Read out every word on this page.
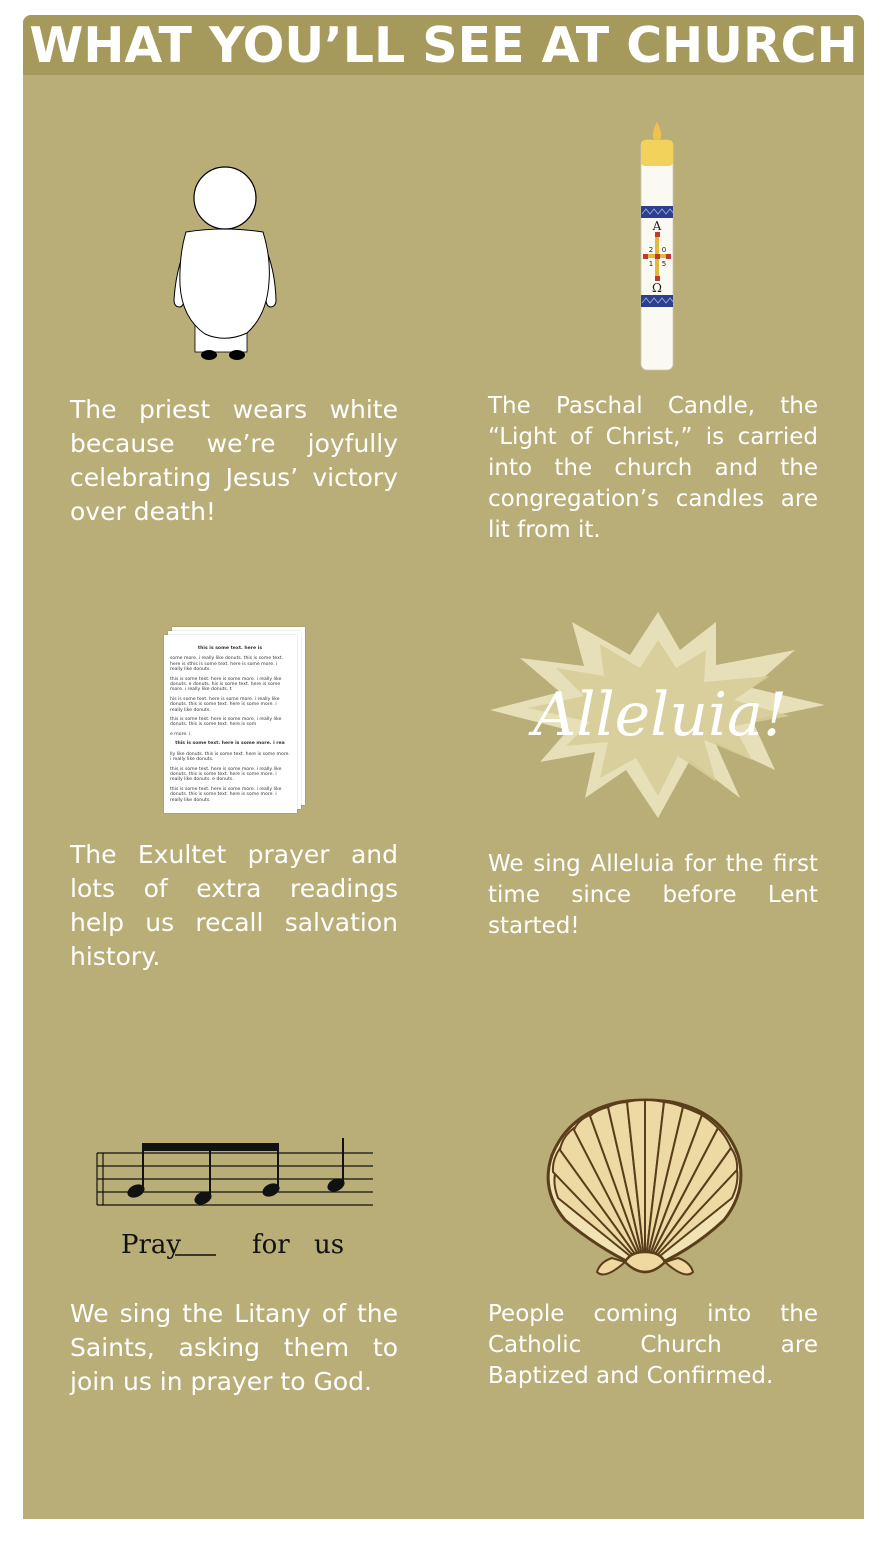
WHAT YOU’LL SEE AT CHURCH
A
Ω
2 0
1 5

The priest wears white because we’re joyfully celebrating Jesus’ victory over death!

The Paschal Candle, the “Light of Christ,” is carried into the church and the congregation’s candles are lit from it.

this is some text. here is

some more. i really like donuts. this is some text. here is sthis is some text. here is some more. i really like donuts.

this is some text. here is some more. i really like donuts. e donuts. his is some text. here is some more. i really like donuts. t

his is some text. here is some more. i really like donuts. this is some text. here is some more. i really like donuts.

this is some text. here is some more. i really like donuts. this is some text. here is som

e more. i

this is some text. here is some more. i rea

lly like donuts. this is some text. here is some more. i really like donuts.

this is some text. here is some more. i really like donuts. this is some text. here is some more. i really like donuts. e donuts.

this is some text. here is some more. i really like donuts. this is some text. here is some more. i really like donuts.

Alleluia!

The Exultet prayer and lots of extra readings help us recall salvation history.

We sing Alleluia for the first time since before Lent started!

Pray	for us

We sing the Litany of the Saints, asking them to join us in prayer to God.

People coming into the Catholic Church are Baptized and Confirmed.
